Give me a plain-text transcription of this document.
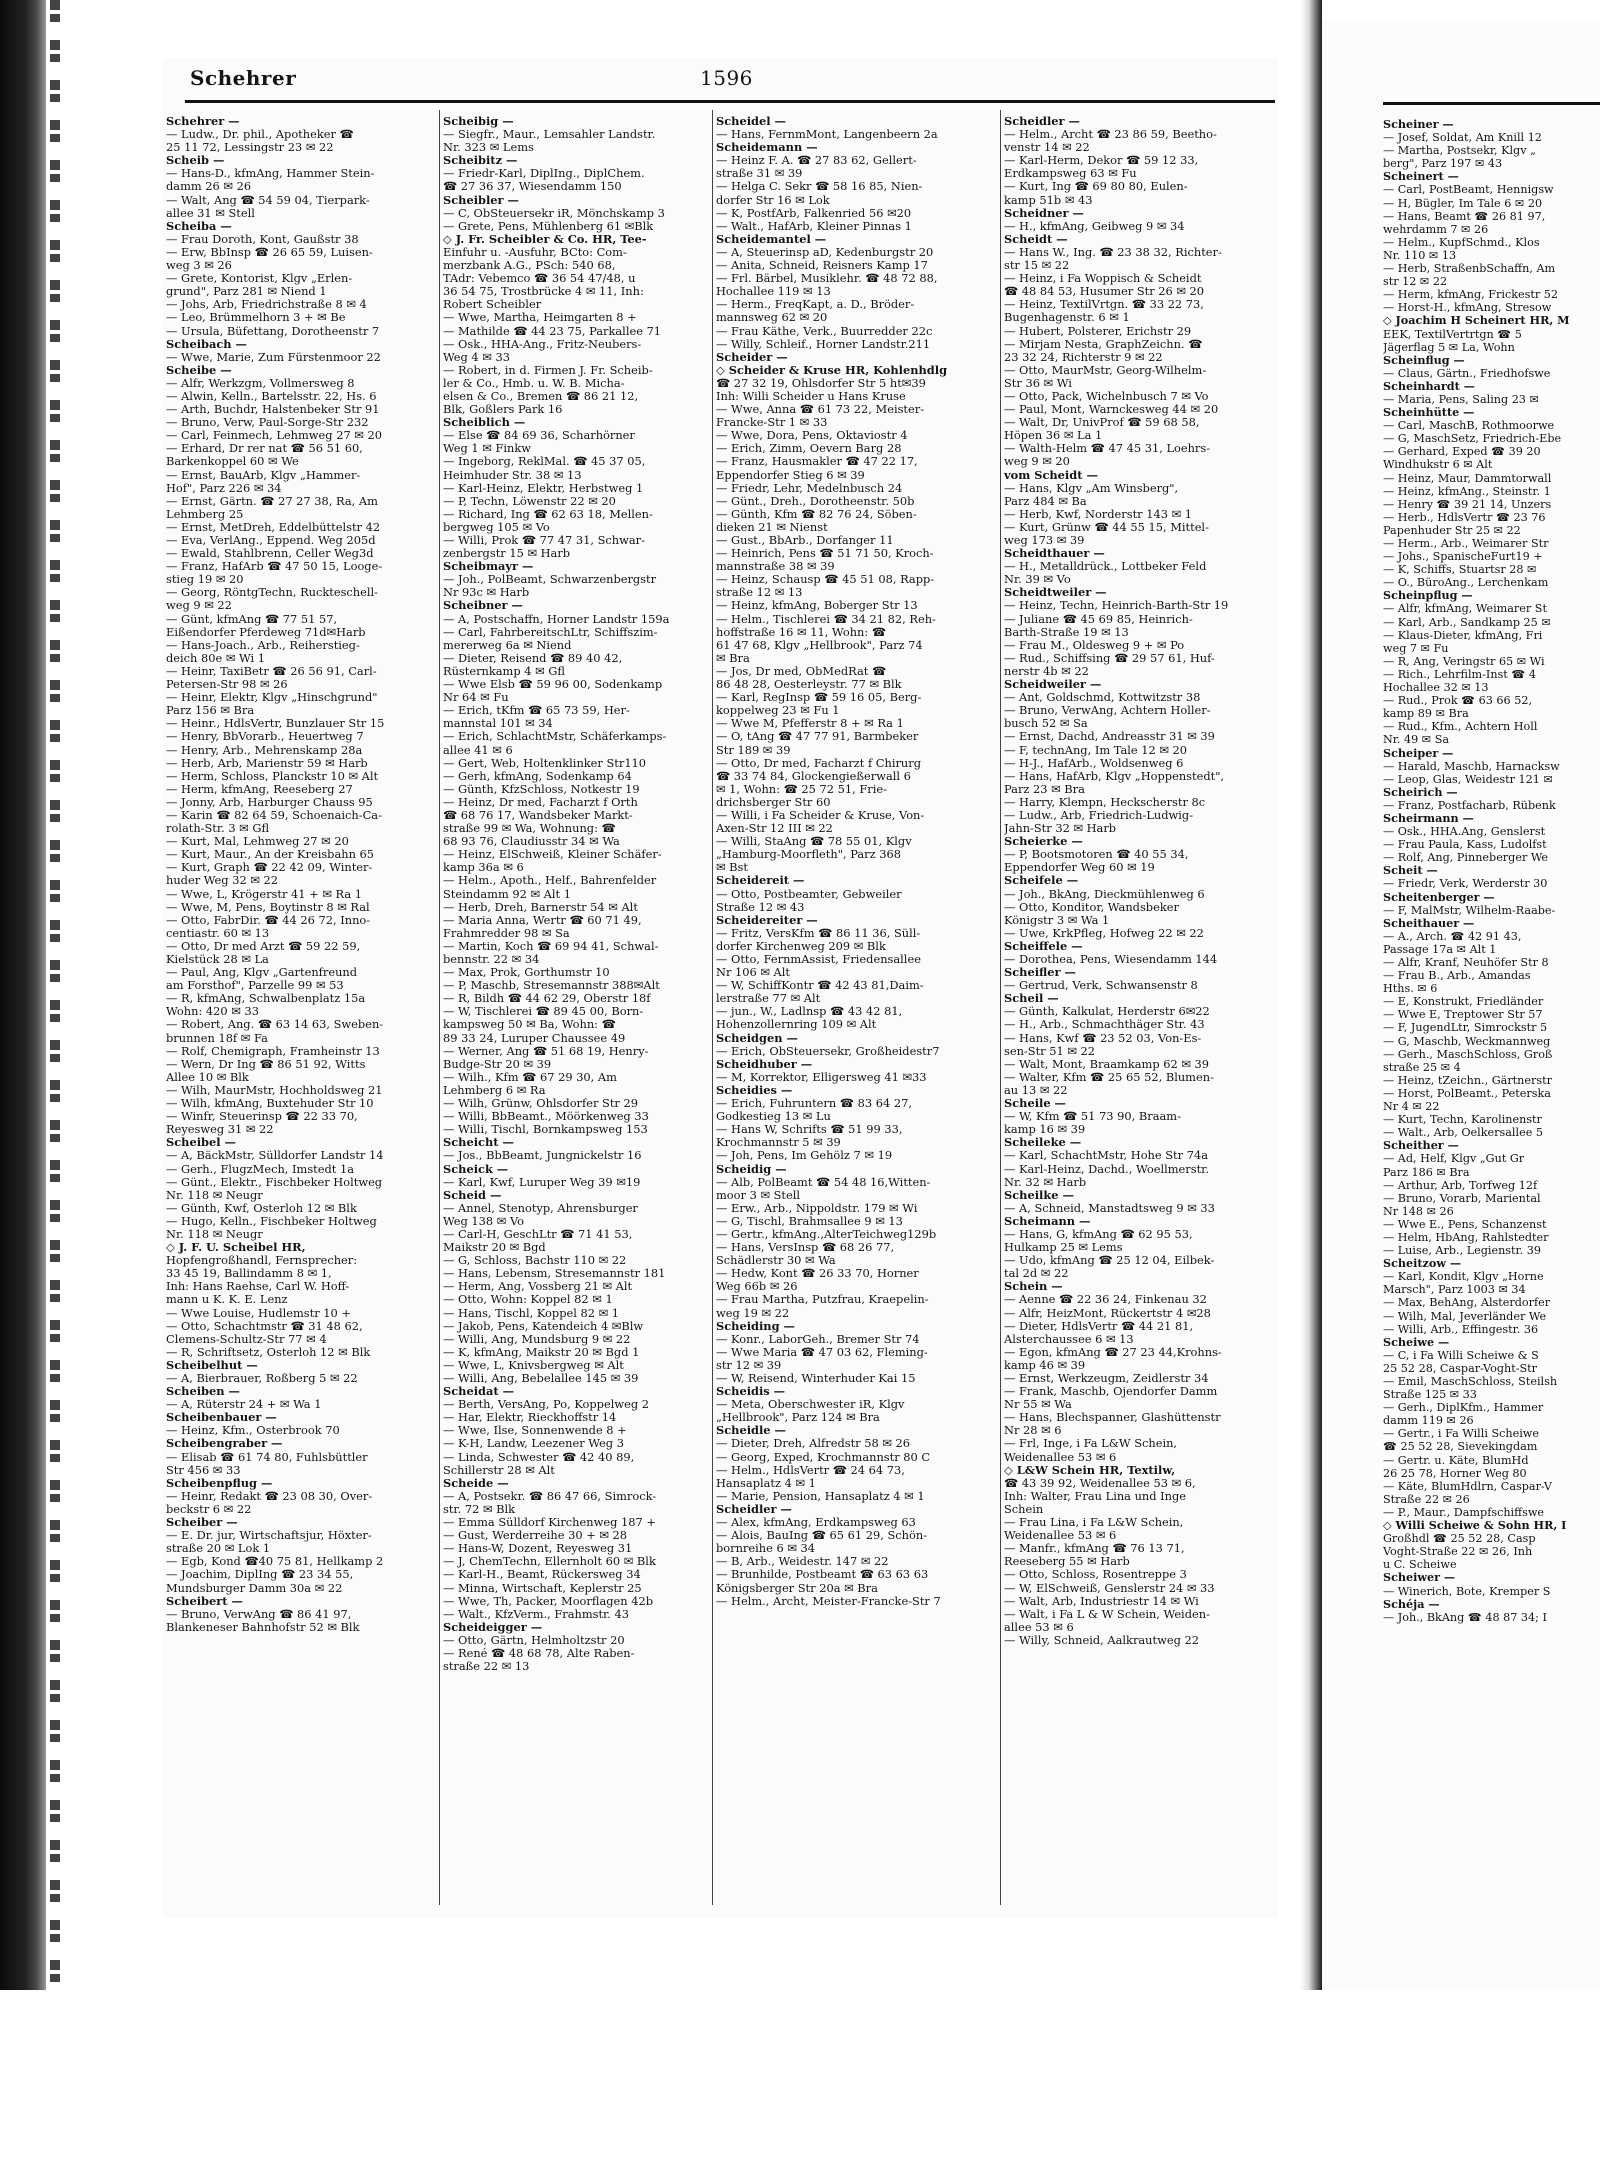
Schehrer	1596
Schehrer —
— Ludw., Dr. phil., Apotheker ☎
25 11 72, Lessingstr 23 ✉ 22
Scheib —
— Hans-D., kfmAng, Hammer Stein-
damm 26 ✉ 26
— Walt, Ang ☎ 54 59 04, Tierpark-
allee 31 ✉ Stell
Scheiba —
— Frau Doroth, Kont, Gaußstr 38
— Erw, BbInsp ☎ 26 65 59, Luisen-
weg 3 ✉ 26
— Grete, Kontorist, Klgv „Erlen-
grund", Parz 281 ✉ Niend 1
— Johs, Arb, Friedrichstraße 8 ✉ 4
— Leo, Brümmelhorn 3 + ✉ Be
— Ursula, Büfettang, Dorotheenstr 7
Scheibach —
— Wwe, Marie, Zum Fürstenmoor 22
Scheibe —
— Alfr, Werkzgm, Vollmersweg 8
— Alwin, Kelln., Bartelsstr. 22, Hs. 6
— Arth, Buchdr, Halstenbeker Str 91
— Bruno, Verw, Paul-Sorge-Str 232
— Carl, Feinmech, Lehmweg 27 ✉ 20
— Erhard, Dr rer nat ☎ 56 51 60,
Barkenkoppel 60 ✉ We
— Ernst, BauArb, Klgv „Hammer-
Hof", Parz 226 ✉ 34
— Ernst, Gärtn. ☎ 27 27 38, Ra, Am
Lehmberg 25
— Ernst, MetDreh, Eddelbüttelstr 42
— Eva, VerlAng., Eppend. Weg 205d
— Ewald, Stahlbrenn, Celler Weg3d
— Franz, HafArb ☎ 47 50 15, Looge-
stieg 19 ✉ 20
— Georg, RöntgTechn, Ruckteschell-
weg 9 ✉ 22
— Günt, kfmAng ☎ 77 51 57,
Eißendorfer Pferdeweg 71d✉Harb
— Hans-Joach., Arb., Reiherstieg-
deich 80e ✉ Wi 1
— Heinr, TaxiBetr ☎ 26 56 91, Carl-
Petersen-Str 98 ✉ 26
— Heinr, Elektr, Klgv „Hinschgrund"
Parz 156 ✉ Bra
— Heinr., HdlsVertr, Bunzlauer Str 15
— Henry, BbVorarb., Heuertweg 7
— Henry, Arb., Mehrenskamp 28a
— Herb, Arb, Marienstr 59 ✉ Harb
— Herm, Schloss, Planckstr 10 ✉ Alt
— Herm, kfmAng, Reeseberg 27
— Jonny, Arb, Harburger Chauss 95
— Karin ☎ 82 64 59, Schoenaich-Ca-
rolath-Str. 3 ✉ Gfl
— Kurt, Mal, Lehmweg 27 ✉ 20
— Kurt, Maur., An der Kreisbahn 65
— Kurt, Graph ☎ 22 42 09, Winter-
huder Weg 32 ✉ 22
— Wwe, L, Krögerstr 41 + ✉ Ra 1
— Wwe, M, Pens, Boytinstr 8 ✉ Ral
— Otto, FabrDir. ☎ 44 26 72, Inno-
centiastr. 60 ✉ 13
— Otto, Dr med Arzt ☎ 59 22 59,
Kielstück 28 ✉ La
— Paul, Ang, Klgv „Gartenfreund
am Forsthof", Parzelle 99 ✉ 53
— R, kfmAng, Schwalbenplatz 15a
Wohn: 420 ✉ 33
— Robert, Ang. ☎ 63 14 63, Sweben-
brunnen 18f ✉ Fa
— Rolf, Chemigraph, Framheinstr 13
— Wern, Dr Ing ☎ 86 51 92, Witts
Allee 10 ✉ Blk
— Wilh, MaurMstr, Hochholdsweg 21
— Wilh, kfmAng, Buxtehuder Str 10
— Winfr, Steuerinsp ☎ 22 33 70,
Reyesweg 31 ✉ 22
Scheibel —
— A, BäckMstr, Sülldorfer Landstr 14
— Gerh., FlugzMech, Imstedt 1a
— Günt., Elektr., Fischbeker Holtweg
Nr. 118 ✉ Neugr
— Günth, Kwf, Osterloh 12 ✉ Blk
— Hugo, Kelln., Fischbeker Holtweg
Nr. 118 ✉ Neugr
◇ J. F. U. Scheibel HR,
Hopfengroßhandl, Fernsprecher:
33 45 19, Ballindamm 8 ✉ 1,
Inh: Hans Raehse, Carl W. Hoff-
mann u K. K. E. Lenz
— Wwe Louise, Hudlemstr 10 +
— Otto, Schachtmstr ☎ 31 48 62,
Clemens-Schultz-Str 77 ✉ 4
— R, Schriftsetz, Osterloh 12 ✉ Blk
Scheibelhut —
— A, Bierbrauer, Roßberg 5 ✉ 22
Scheiben —
— A, Rüterstr 24 + ✉ Wa 1
Scheibenbauer —
— Heinz, Kfm., Osterbrook 70
Scheibengraber —
— Elisab ☎ 61 74 80, Fuhlsbüttler
Str 456 ✉ 33
Scheibenpflug —
— Heinr, Redakt ☎ 23 08 30, Over-
beckstr 6 ✉ 22
Scheiber —
— E. Dr. jur, Wirtschaftsjur, Höxter-
straße 20 ✉ Lok 1
— Egb, Kond ☎40 75 81, Hellkamp 2
— Joachim, DiplIng ☎ 23 34 55,
Mundsburger Damm 30a ✉ 22
Scheibert —
— Bruno, VerwAng ☎ 86 41 97,
Blankeneser Bahnhofstr 52 ✉ Blk
Scheibig —
— Siegfr., Maur., Lemsahler Landstr.
Nr. 323 ✉ Lems
Scheibitz —
— Friedr-Karl, DiplIng., DiplChem.
☎ 27 36 37, Wiesendamm 150
Scheibler —
— C, ObSteuersekr iR, Mönchskamp 3
— Grete, Pens, Mühlenberg 61 ✉Blk
◇ J. Fr. Scheibler & Co. HR, Tee-
Einfuhr u. -Ausfuhr, BCto: Com-
merzbank A.G., PSch: 540 68,
TAdr: Vebemco ☎ 36 54 47/48, u
36 54 75, Trostbrücke 4 ✉ 11, Inh:
Robert Scheibler
— Wwe, Martha, Heimgarten 8 +
— Mathilde ☎ 44 23 75, Parkallee 71
— Osk., HHA-Ang., Fritz-Neubers-
Weg 4 ✉ 33
— Robert, in d. Firmen J. Fr. Scheib-
ler & Co., Hmb. u. W. B. Micha-
elsen & Co., Bremen ☎ 86 21 12,
Blk, Goßlers Park 16
Scheiblich —
— Else ☎ 84 69 36, Scharhörner
Weg 1 ✉ Finkw
— Ingeborg, ReklMal. ☎ 45 37 05,
Heimhuder Str. 38 ✉ 13
— Karl-Heinz, Elektr, Herbstweg 1
— P, Techn, Löwenstr 22 ✉ 20
— Richard, Ing ☎ 62 63 18, Mellen-
bergweg 105 ✉ Vo
— Willi, Prok ☎ 77 47 31, Schwar-
zenbergstr 15 ✉ Harb
Scheibmayr —
— Joh., PolBeamt, Schwarzenbergstr
Nr 93c ✉ Harb
Scheibner —
— A, Postschaffn, Horner Landstr 159a
— Carl, FahrbereitschLtr, Schiffszim-
mererweg 6a ✉ Niend
— Dieter, Reisend ☎ 89 40 42,
Rüsternkamp 4 ✉ Gfl
— Wwe Elsb ☎ 59 96 00, Sodenkamp
Nr 64 ✉ Fu
— Erich, tKfm ☎ 65 73 59, Her-
mannstal 101 ✉ 34
— Erich, SchlachtMstr, Schäferkamps-
allee 41 ✉ 6
— Gert, Web, Holtenklinker Str110
— Gerh, kfmAng, Sodenkamp 64
— Günth, KfzSchloss, Notkestr 19
— Heinz, Dr med, Facharzt f Orth
☎ 68 76 17, Wandsbeker Markt-
straße 99 ✉ Wa, Wohnung: ☎
68 93 76, Claudiusstr 34 ✉ Wa
— Heinz, ElSchweiß, Kleiner Schäfer-
kamp 36a ✉ 6
— Helm., Apoth., Helf., Bahrenfelder
Steindamm 92 ✉ Alt 1
— Herb, Dreh, Barnerstr 54 ✉ Alt
— Maria Anna, Wertr ☎ 60 71 49,
Frahmredder 98 ✉ Sa
— Martin, Koch ☎ 69 94 41, Schwal-
bennstr. 22 ✉ 34
— Max, Prok, Gorthumstr 10
— P, Maschb, Stresemannstr 388✉Alt
— R, Bildh ☎ 44 62 29, Oberstr 18f
— W, Tischlerei ☎ 89 45 00, Born-
kampsweg 50 ✉ Ba, Wohn: ☎
89 33 24, Luruper Chaussee 49
— Werner, Ang ☎ 51 68 19, Henry-
Budge-Str 20 ✉ 39
— Wilh., Kfm ☎ 67 29 30, Am
Lehmberg 6 ✉ Ra
— Wilh, Grünw, Ohlsdorfer Str 29
— Willi, BbBeamt., Möörkenweg 33
— Willi, Tischl, Bornkampsweg 153
Scheicht —
— Jos., BbBeamt, Jungnickelstr 16
Scheick —
— Karl, Kwf, Luruper Weg 39 ✉19
Scheid —
— Annel, Stenotyp, Ahrensburger
Weg 138 ✉ Vo
— Carl-H, GeschLtr ☎ 71 41 53,
Maikstr 20 ✉ Bgd
— G, Schloss, Bachstr 110 ✉ 22
— Hans, Lebensm, Stresemannstr 181
— Herm, Ang, Vossberg 21 ✉ Alt
— Otto, Wohn: Koppel 82 ✉ 1
— Hans, Tischl, Koppel 82 ✉ 1
— Jakob, Pens, Katendeich 4 ✉Blw
— Willi, Ang, Mundsburg 9 ✉ 22
— K, kfmAng, Maikstr 20 ✉ Bgd 1
— Wwe, L, Knivsbergweg ✉ Alt
— Willi, Ang, Bebelallee 145 ✉ 39
Scheidat —
— Berth, VersAng, Po, Koppelweg 2
— Har, Elektr, Rieckhoffstr 14
— Wwe, Ilse, Sonnenwende 8 +
— K-H, Landw, Leezener Weg 3
— Linda, Schwester ☎ 42 40 89,
Schillerstr 28 ✉ Alt
Scheide —
— A, Postsekr. ☎ 86 47 66, Simrock-
str. 72 ✉ Blk
— Emma Sülldorf Kirchenweg 187 +
— Gust, Werderreihe 30 + ✉ 28
— Hans-W, Dozent, Reyesweg 31
— J, ChemTechn, Ellernholt 60 ✉ Blk
— Karl-H., Beamt, Rückersweg 34
— Minna, Wirtschaft, Keplerstr 25
— Wwe, Th, Packer, Moorflagen 42b
— Walt., KfzVerm., Frahmstr. 43
Scheideigger —
— Otto, Gärtn, Helmholtzstr 20
— René ☎ 48 68 78, Alte Raben-
straße 22 ✉ 13
Scheidel —
— Hans, FernmMont, Langenbeern 2a
Scheidemann —
— Heinz F. A. ☎ 27 83 62, Gellert-
straße 31 ✉ 39
— Helga C. Sekr ☎ 58 16 85, Nien-
dorfer Str 16 ✉ Lok
— K, PostfArb, Falkenried 56 ✉20
— Walt., HafArb, Kleiner Pinnas 1
Scheidemantel —
— A, Steuerinsp aD, Kedenburgstr 20
— Anita, Schneid, Reisners Kamp 17
— Frl. Bärbel, Musiklehr. ☎ 48 72 88,
Hochallee 119 ✉ 13
— Herm., FreqKapt, a. D., Bröder-
mannsweg 62 ✉ 20
— Frau Käthe, Verk., Buurredder 22c
— Willy, Schleif., Horner Landstr.211
Scheider —
◇ Scheider & Kruse HR, Kohlenhdlg
☎ 27 32 19, Ohlsdorfer Str 5 ht✉39
Inh: Willi Scheider u Hans Kruse
— Wwe, Anna ☎ 61 73 22, Meister-
Francke-Str 1 ✉ 33
— Wwe, Dora, Pens, Oktaviostr 4
— Erich, Zimm, Oevern Barg 28
— Franz, Hausmakler ☎ 47 22 17,
Eppendorfer Stieg 6 ✉ 39
— Friedr, Lehr, Medelnbusch 24
— Günt., Dreh., Dorotheenstr. 50b
— Günth, Kfm ☎ 82 76 24, Söben-
dieken 21 ✉ Nienst
— Gust., BbArb., Dorfanger 11
— Heinrich, Pens ☎ 51 71 50, Kroch-
mannstraße 38 ✉ 39
— Heinz, Schausp ☎ 45 51 08, Rapp-
straße 12 ✉ 13
— Heinz, kfmAng, Boberger Str 13
— Helm., Tischlerei ☎ 34 21 82, Reh-
hoffstraße 16 ✉ 11, Wohn: ☎
61 47 68, Klgv „Hellbrook", Parz 74
✉ Bra
— Jos, Dr med, ObMedRat ☎
86 48 28, Oesterleystr. 77 ✉ Blk
— Karl, RegInsp ☎ 59 16 05, Berg-
koppelweg 23 ✉ Fu 1
— Wwe M, Pfefferstr 8 + ✉ Ra 1
— O, tAng ☎ 47 77 91, Barmbeker
Str 189 ✉ 39
— Otto, Dr med, Facharzt f Chirurg
☎ 33 74 84, Glockengießerwall 6
✉ 1, Wohn: ☎ 25 72 51, Frie-
drichsberger Str 60
— Willi, i Fa Scheider & Kruse, Von-
Axen-Str 12 III ✉ 22
— Willi, StaAng ☎ 78 55 01, Klgv
„Hamburg-Moorfleth", Parz 368
✉ Bst
Scheidereit —
— Otto, Postbeamter, Gebweiler
Straße 12 ✉ 43
Scheidereiter —
— Fritz, VersKfm ☎ 86 11 36, Süll-
dorfer Kirchenweg 209 ✉ Blk
— Otto, FernmAssist, Friedensallee
Nr 106 ✉ Alt
— W, SchiffKontr ☎ 42 43 81,Daim-
lerstraße 77 ✉ Alt
— jun., W., Ladlnsp ☎ 43 42 81,
Hohenzollernring 109 ✉ Alt
Scheidgen —
— Erich, ObSteuersekr, Großheidestr7
Scheidhuber —
— M, Korrektor, Elligersweg 41 ✉33
Scheidies —
— Erich, Fuhruntern ☎ 83 64 27,
Godkestieg 13 ✉ Lu
— Hans W, Schrifts ☎ 51 99 33,
Krochmannstr 5 ✉ 39
— Joh, Pens, Im Gehölz 7 ✉ 19
Scheidig —
— Alb, PolBeamt ☎ 54 48 16,Witten-
moor 3 ✉ Stell
— Erw., Arb., Nippoldstr. 179 ✉ Wi
— G, Tischl, Brahmsallee 9 ✉ 13
— Gertr., kfmAng.,AlterTeichweg129b
— Hans, VersInsp ☎ 68 26 77,
Schädlerstr 30 ✉ Wa
— Hedw, Kont ☎ 26 33 70, Horner
Weg 66b ✉ 26
— Frau Martha, Putzfrau, Kraepelin-
weg 19 ✉ 22
Scheiding —
— Konr., LaborGeh., Bremer Str 74
— Wwe Maria ☎ 47 03 62, Fleming-
str 12 ✉ 39
— W, Reisend, Winterhuder Kai 15
Scheidis —
— Meta, Oberschwester iR, Klgv
„Hellbrook", Parz 124 ✉ Bra
Scheidle —
— Dieter, Dreh, Alfredstr 58 ✉ 26
— Georg, Exped, Krochmannstr 80 C
— Helm., HdlsVertr ☎ 24 64 73,
Hansaplatz 4 ✉ 1
— Marie, Pension, Hansaplatz 4 ✉ 1
Scheidler —
— Alex, kfmAng, Erdkampsweg 63
— Alois, BauIng ☎ 65 61 29, Schön-
bornreihe 6 ✉ 34
— B, Arb., Weidestr. 147 ✉ 22
— Brunhilde, Postbeamt ☎ 63 63 63
Königsberger Str 20a ✉ Bra
— Helm., Archt, Meister-Francke-Str 7
Scheidler —
— Helm., Archt ☎ 23 86 59, Beetho-
venstr 14 ✉ 22
— Karl-Herm, Dekor ☎ 59 12 33,
Erdkampsweg 63 ✉ Fu
— Kurt, Ing ☎ 69 80 80, Eulen-
kamp 51b ✉ 43
Scheidner —
— H., kfmAng, Geibweg 9 ✉ 34
Scheidt —
— Hans W., Ing. ☎ 23 38 32, Richter-
str 15 ✉ 22
— Heinz, i Fa Woppisch & Scheidt
☎ 48 84 53, Husumer Str 26 ✉ 20
— Heinz, TextilVrtgn. ☎ 33 22 73,
Bugenhagenstr. 6 ✉ 1
— Hubert, Polsterer, Erichstr 29
— Mirjam Nesta, GraphZeichn. ☎
23 32 24, Richterstr 9 ✉ 22
— Otto, MaurMstr, Georg-Wilhelm-
Str 36 ✉ Wi
— Otto, Pack, Wichelnbusch 7 ✉ Vo
— Paul, Mont, Warnckesweg 44 ✉ 20
— Walt, Dr, UnivProf ☎ 59 68 58,
Höpen 36 ✉ La 1
— Walth-Helm ☎ 47 45 31, Loehrs-
weg 9 ✉ 20
vom Scheidt —
— Hans, Klgv „Am Winsberg",
Parz 484 ✉ Ba
— Herb, Kwf, Norderstr 143 ✉ 1
— Kurt, Grünw ☎ 44 55 15, Mittel-
weg 173 ✉ 39
Scheidthauer —
— H., Metalldrück., Lottbeker Feld
Nr. 39 ✉ Vo
Scheidtweiler —
— Heinz, Techn, Heinrich-Barth-Str 19
— Juliane ☎ 45 69 85, Heinrich-
Barth-Straße 19 ✉ 13
— Frau M., Oldesweg 9 + ✉ Po
— Rud., Schiffsing ☎ 29 57 61, Huf-
nerstr 4b ✉ 22
Scheidweiler —
— Ant, Goldschmd, Kottwitzstr 38
— Bruno, VerwAng, Achtern Holler-
busch 52 ✉ Sa
— Ernst, Dachd, Andreasstr 31 ✉ 39
— F, technAng, Im Tale 12 ✉ 20
— H-J., HafArb., Woldsenweg 6
— Hans, HafArb, Klgv „Hoppenstedt",
Parz 23 ✉ Bra
— Harry, Klempn, Heckscherstr 8c
— Ludw., Arb, Friedrich-Ludwig-
Jahn-Str 32 ✉ Harb
Scheierke —
— P, Bootsmotoren ☎ 40 55 34,
Eppendorfer Weg 60 ✉ 19
Scheifele —
— Joh., BkAng, Dieckmühlenweg 6
— Otto, Konditor, Wandsbeker
Königstr 3 ✉ Wa 1
— Uwe, KrkPfleg, Hofweg 22 ✉ 22
Scheiffele —
— Dorothea, Pens, Wiesendamm 144
Scheifler —
— Gertrud, Verk, Schwansenstr 8
Scheil —
— Günth, Kalkulat, Herderstr 6✉22
— H., Arb., Schmachthäger Str. 43
— Hans, Kwf ☎ 23 52 03, Von-Es-
sen-Str 51 ✉ 22
— Walt, Mont, Braamkamp 62 ✉ 39
— Walter, Kfm ☎ 25 65 52, Blumen-
au 13 ✉ 22
Scheile —
— W, Kfm ☎ 51 73 90, Braam-
kamp 16 ✉ 39
Scheileke —
— Karl, SchachtMstr, Hohe Str 74a
— Karl-Heinz, Dachd., Woellmerstr.
Nr. 32 ✉ Harb
Scheilke —
— A, Schneid, Manstadtsweg 9 ✉ 33
Scheimann —
— Hans, G, kfmAng ☎ 62 95 53,
Hulkamp 25 ✉ Lems
— Udo, kfmAng ☎ 25 12 04, Eilbek-
tal 2d ✉ 22
Schein —
— Aenne ☎ 22 36 24, Finkenau 32
— Alfr, HeizMont, Rückertstr 4 ✉28
— Dieter, HdlsVertr ☎ 44 21 81,
Alsterchaussee 6 ✉ 13
— Egon, kfmAng ☎ 27 23 44,Krohns-
kamp 46 ✉ 39
— Ernst, Werkzeugm, Zeidlerstr 34
— Frank, Maschb, Ojendorfer Damm
Nr 55 ✉ Wa
— Hans, Blechspanner, Glashüttenstr
Nr 28 ✉ 6
— Frl, Inge, i Fa L&W Schein,
Weidenallee 53 ✉ 6
◇ L&W Schein HR, Textilw,
☎ 43 39 92, Weidenallee 53 ✉ 6,
Inh: Walter, Frau Lina und Inge
Schein
— Frau Lina, i Fa L&W Schein,
Weidenallee 53 ✉ 6
— Manfr., kfmAng ☎ 76 13 71,
Reeseberg 55 ✉ Harb
— Otto, Schloss, Rosentreppe 3
— W, ElSchweiß, Genslerstr 24 ✉ 33
— Walt, Arb, Industriestr 14 ✉ Wi
— Walt, i Fa L & W Schein, Weiden-
allee 53 ✉ 6
— Willy, Schneid, Aalkrautweg 22
Scheiner —
— Josef, Soldat, Am Knill 12
— Martha, Postsekr, Klgv „
berg", Parz 197 ✉ 43
Scheinert —
— Carl, PostBeamt, Hennigsw
— H, Bügler, Im Tale 6 ✉ 20
— Hans, Beamt ☎ 26 81 97,
wehrdamm 7 ✉ 26
— Helm., KupfSchmd., Klos
Nr. 110 ✉ 13
— Herb, StraßenbSchaffn, Am
str 12 ✉ 22
— Herm, kfmAng, Frickestr 52
— Horst-H., kfmAng, Stresow
◇ Joachim H Scheinert HR, M
EEK, TextilVertrtgn ☎ 5
Jägerflag 5 ✉ La, Wohn
Scheinflug —
— Claus, Gärtn., Friedhofswe
Scheinhardt —
— Maria, Pens, Saling 23 ✉
Scheinhütte —
— Carl, MaschB, Rothmoorwe
— G, MaschSetz, Friedrich-Ebe
— Gerhard, Exped ☎ 39 20
Windhukstr 6 ✉ Alt
— Heinz, Maur, Dammtorwall
— Heinz, kfmAng., Steinstr. 1
— Henry ☎ 39 21 14, Unzers
— Herb., HdlsVertr ☎ 23 76
Papenhuder Str 25 ✉ 22
— Herm., Arb., Weimarer Str
— Johs., SpanischeFurt19 +
— K, Schiffs, Stuartsr 28 ✉
— O., BüroAng., Lerchenkam
Scheinpflug —
— Alfr, kfmAng, Weimarer St
— Karl, Arb., Sandkamp 25 ✉
— Klaus-Dieter, kfmAng, Fri
weg 7 ✉ Fu
— R, Ang, Veringstr 65 ✉ Wi
— Rich., Lehrfilm-Inst ☎ 4
Hochallee 32 ✉ 13
— Rud., Prok ☎ 63 66 52,
kamp 89 ✉ Bra
— Rud., Kfm., Achtern Holl
Nr. 49 ✉ Sa
Scheiper —
— Harald, Maschb, Harnacksw
— Leop, Glas, Weidestr 121 ✉
Scheirich —
— Franz, Postfacharb, Rübenk
Scheirmann —
— Osk., HHA.Ang, Genslerst
— Frau Paula, Kass, Ludolfst
— Rolf, Ang, Pinneberger We
Scheit —
— Friedr, Verk, Werderstr 30
Scheitenberger —
— F, MalMstr, Wilhelm-Raabe-
Scheithauer —
— A., Arch. ☎ 42 91 43,
Passage 17a ✉ Alt 1
— Alfr, Kranf, Neuhöfer Str 8
— Frau B., Arb., Amandas
Hths. ✉ 6
— E, Konstrukt, Friedländer
— Wwe E, Treptower Str 57
— F, JugendLtr, Simrockstr 5
— G, Maschb, Weckmannweg
— Gerh., MaschSchloss, Groß
straße 25 ✉ 4
— Heinz, tZeichn., Gärtnerstr
— Horst, PolBeamt., Peterska
Nr 4 ✉ 22
— Kurt, Techn, Karolinenstr
— Walt., Arb, Oelkersallee 5
Scheither —
— Ad, Helf, Klgv „Gut Gr
Parz 186 ✉ Bra
— Arthur, Arb, Torfweg 12f
— Bruno, Vorarb, Mariental
Nr 148 ✉ 26
— Wwe E., Pens, Schanzenst
— Helm, HbAng, Rahlstedter
— Luise, Arb., Legienstr. 39
Scheitzow —
— Karl, Kondit, Klgv „Horne
Marsch", Parz 1003 ✉ 34
— Max, BehAng, Alsterdorfer
— Wilh, Mal, Jeverländer We
— Willi, Arb., Effingestr. 36
Scheiwe —
— C, i Fa Willi Scheiwe & S
25 52 28, Caspar-Voght-Str
— Emil, MaschSchloss, Steilsh
Straße 125 ✉ 33
— Gerh., DiplKfm., Hammer
damm 119 ✉ 26
— Gertr., i Fa Willi Scheiwe
☎ 25 52 28, Sievekingdam
— Gertr. u. Käte, BlumHd
26 25 78, Horner Weg 80
— Käte, BlumHdlrn, Caspar-V
Straße 22 ✉ 26
— P., Maur., Dampfschiffswe
◇ Willi Scheiwe & Sohn HR, I
Großhdl ☎ 25 52 28, Casp
Voght-Straße 22 ✉ 26, Inh
u C. Scheiwe
Scheiwer —
— Winerich, Bote, Kremper S
Schéja —
— Joh., BkAng ☎ 48 87 34; I
